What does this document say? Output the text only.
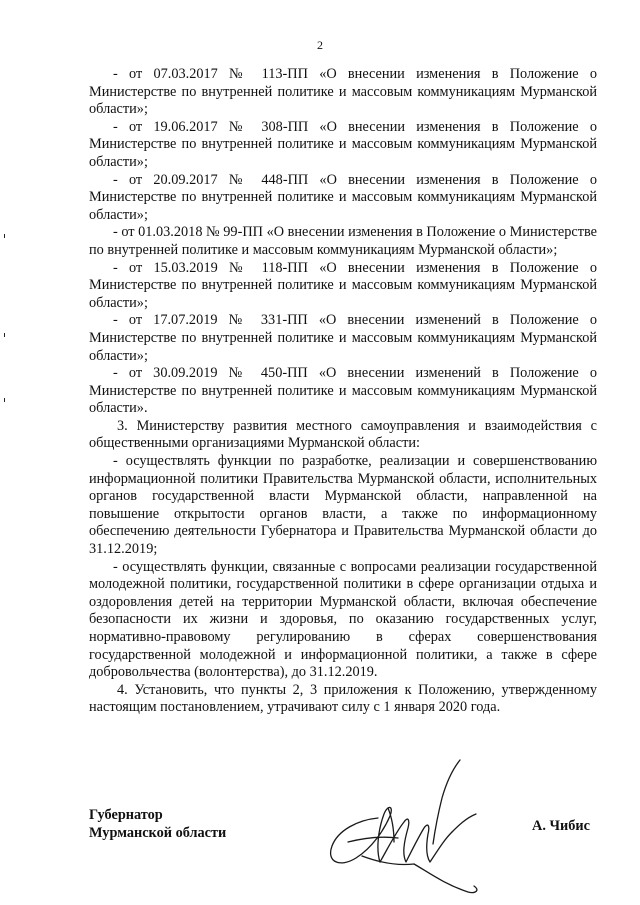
2

- от 07.03.2017 № 113-ПП «О внесении изменения в Положение о Министерстве по внутренней политике и массовым коммуникациям Мурманской области»;

- от 19.06.2017 № 308-ПП «О внесении изменения в Положение о Министерстве по внутренней политике и массовым коммуникациям Мурманской области»;

- от 20.09.2017 № 448-ПП «О внесении изменения в Положение о Министерстве по внутренней политике и массовым коммуникациям Мурманской области»;

- от 01.03.2018 № 99-ПП «О внесении изменения в Положение о Министерстве по внутренней политике и массовым коммуникациям Мурманской области»;

- от 15.03.2019 № 118-ПП «О внесении изменения в Положение о Министерстве по внутренней политике и массовым коммуникациям Мурманской области»;

- от 17.07.2019 № 331-ПП «О внесении изменений в Положение о Министерстве по внутренней политике и массовым коммуникациям Мурманской области»;

- от 30.09.2019 № 450-ПП «О внесении изменений в Положение о Министерстве по внутренней политике и массовым коммуникациям Мурманской области».

3. Министерству развития местного самоуправления и взаимодействия с общественными организациями Мурманской области:

- осуществлять функции по разработке, реализации и совершенствованию информационной политики Правительства Мурманской области, исполнительных органов государственной власти Мурманской области, направленной на повышение открытости органов власти, а также по информационному обеспечению деятельности Губернатора и Правительства Мурманской области до 31.12.2019;

- осуществлять функции, связанные с вопросами реализации государственной молодежной политики, государственной политики в сфере организации отдыха и оздоровления детей на территории Мурманской области, включая обеспечение безопасности их жизни и здоровья, по оказанию государственных услуг, нормативно-правовому регулированию в сферах совершенствования государственной молодежной и информационной политики, а также в сфере добровольчества (волонтерства), до 31.12.2019.

4. Установить, что пункты 2, 3 приложения к Положению, утвержденному настоящим постановлением, утрачивают силу с 1 января 2020 года.

Губернатор
Мурманской области	А. Чибис
